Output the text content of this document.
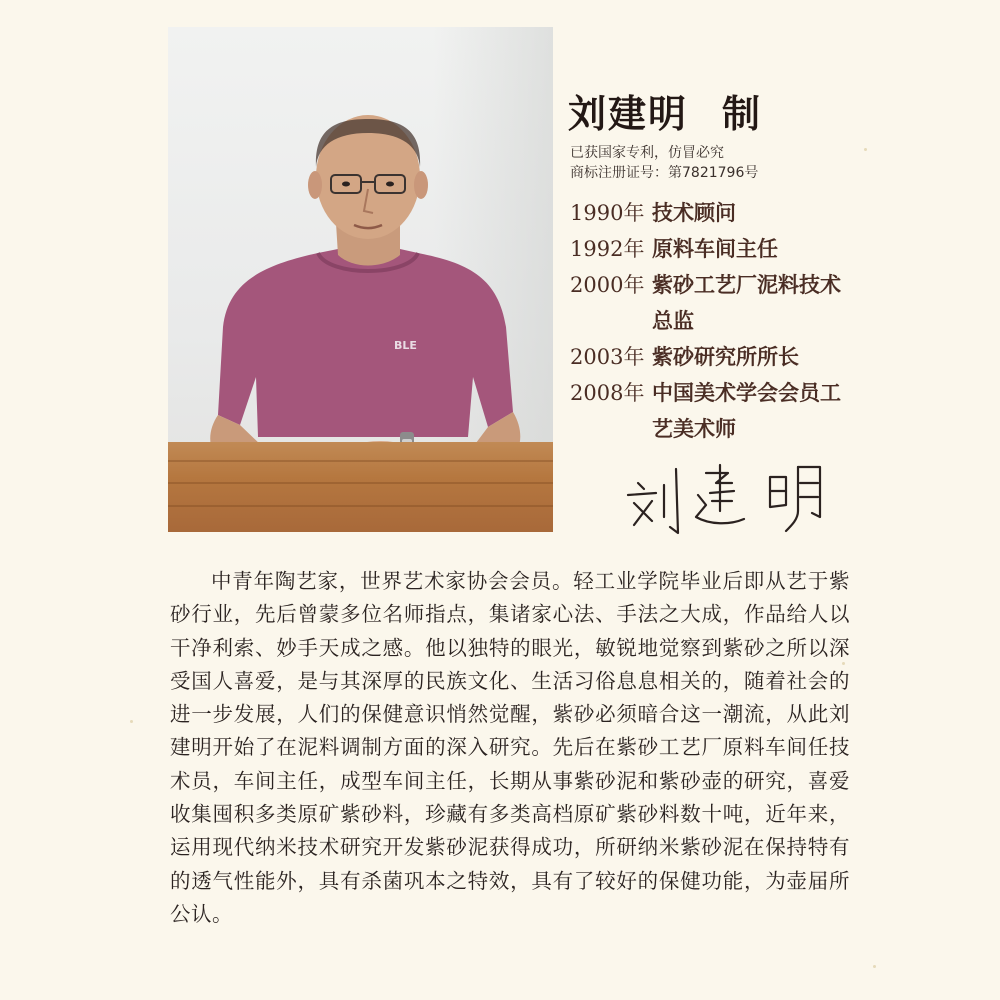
BLE
刘建明 制
已获国家专利，仿冒必究
商标注册证号：第7821796号
1990年 技术顾问
1992年 原料车间主任
2000年 紫砂工艺厂泥料技术总监
2003年 紫砂研究所所长
2008年 中国美术学会会员工艺美术师
中青年陶艺家，世界艺术家协会会员。轻工业学院毕业后即从艺于紫砂行业，先后曾蒙多位名师指点，集诸家心法、手法之大成，作品给人以干净利索、妙手天成之感。他以独特的眼光，敏锐地觉察到紫砂之所以深受国人喜爱，是与其深厚的民族文化、生活习俗息息相关的，随着社会的进一步发展，人们的保健意识悄然觉醒，紫砂必须暗合这一潮流，从此刘建明开始了在泥料调制方面的深入研究。先后在紫砂工艺厂原料车间任技术员，车间主任，成型车间主任，长期从事紫砂泥和紫砂壶的研究，喜爱收集囤积多类原矿紫砂料，珍藏有多类高档原矿紫砂料数十吨，近年来，运用现代纳米技术研究开发紫砂泥获得成功，所研纳米紫砂泥在保持特有的透气性能外，具有杀菌巩本之特效，具有了较好的保健功能，为壶届所公认。
